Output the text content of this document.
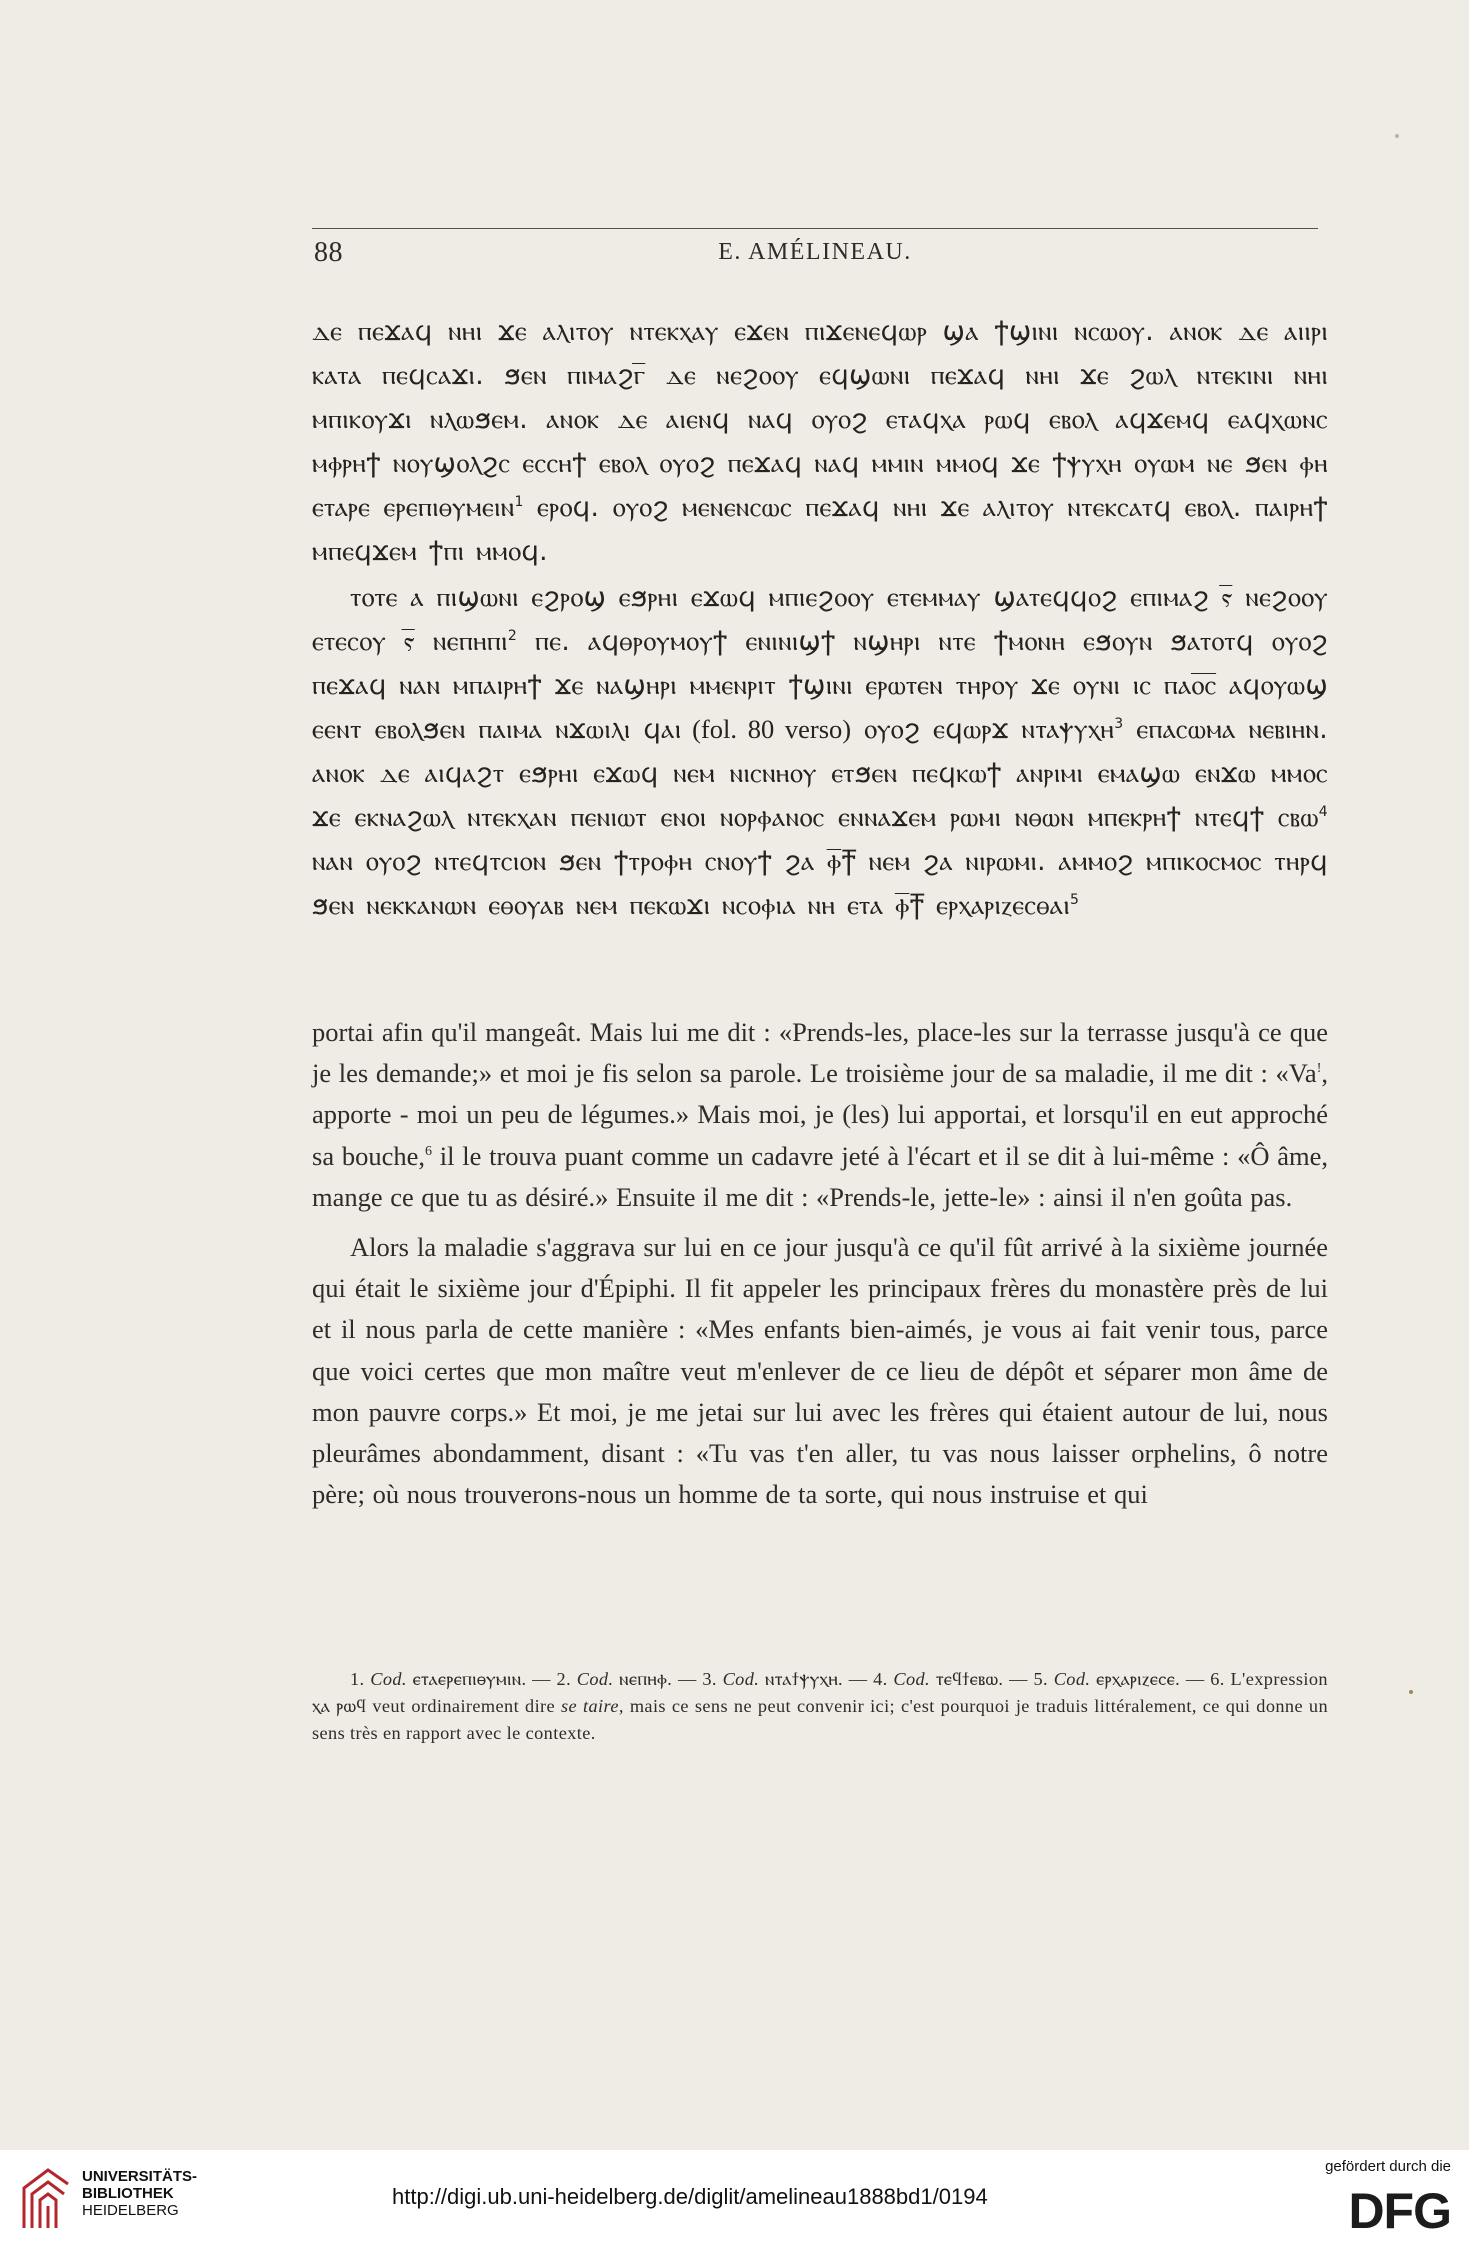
88	E. AMÉLINEAU.

ⲇⲉ ⲡⲉϫⲁϥ ⲛⲏⲓ ϫⲉ ⲁⲗⲓⲧⲟⲩ ⲛⲧⲉⲕⲭⲁⲩ ⲉϫⲉⲛ ⲡⲓϫⲉⲛⲉϥⲱⲣ ϣⲁ ϯϣⲓⲛⲓ ⲛⲥⲱⲟⲩ. ⲁⲛⲟⲕ ⲇⲉ ⲁⲓⲓⲣⲓ ⲕⲁⲧⲁ ⲡⲉϥⲥⲁϫⲓ. ϧⲉⲛ ⲡⲓⲙⲁϩⲅ̅ ⲇⲉ ⲛⲉϩⲟⲟⲩ ⲉϥϣⲱⲛⲓ ⲡⲉϫⲁϥ ⲛⲏⲓ ϫⲉ ϩⲱⲗ ⲛⲧⲉⲕⲓⲛⲓ ⲛⲏⲓ ⲙⲡⲓⲕⲟⲩϫⲓ ⲛⲗⲱϧⲉⲙ. ⲁⲛⲟⲕ ⲇⲉ ⲁⲓⲉⲛϥ ⲛⲁϥ ⲟⲩⲟϩ ⲉⲧⲁϥⲭⲁ ⲣⲱϥ ⲉⲃⲟⲗ ⲁϥϫⲉⲙϥ ⲉⲁϥⲭⲱⲛⲥ ⲙⲫⲣⲏϯ ⲛⲟⲩϣⲟⲗϩⲥ ⲉⲥⲥⲏϯ ⲉⲃⲟⲗ ⲟⲩⲟϩ ⲡⲉϫⲁϥ ⲛⲁϥ ⲙⲙⲓⲛ ⲙⲙⲟϥ ϫⲉ ϯⲯⲩⲭⲏ ⲟⲩⲱⲙ ⲛⲉ ϧⲉⲛ ⲫⲏ ⲉⲧⲁⲣⲉ ⲉⲣⲉⲡⲓⲑⲩⲙⲉⲓⲛ$^1$ ⲉⲣⲟϥ. ⲟⲩⲟϩ ⲙⲉⲛⲉⲛⲥⲱⲥ ⲡⲉϫⲁϥ ⲛⲏⲓ ϫⲉ ⲁⲗⲓⲧⲟⲩ ⲛⲧⲉⲕⲥⲁⲧϥ ⲉⲃⲟⲗ. ⲡⲁⲓⲣⲏϯ ⲙⲡⲉϥϫⲉⲙ ϯⲡⲓ ⲙⲙⲟϥ.

ⲧⲟⲧⲉ ⲁ ⲡⲓϣⲱⲛⲓ ⲉϩⲣⲟϣ ⲉϧⲣⲏⲓ ⲉϫⲱϥ ⲙⲡⲓⲉϩⲟⲟⲩ ⲉⲧⲉⲙⲙⲁⲩ ϣⲁⲧⲉϥϥⲟϩ ⲉⲡⲓⲙⲁϩ ⲋ̅ ⲛⲉϩⲟⲟⲩ ⲉⲧⲉⲥⲟⲩ ⲋ̅ ⲛⲉⲡⲏⲡⲓ$^2$ ⲡⲉ. ⲁϥⲑⲣⲟⲩⲙⲟⲩϯ ⲉⲛⲓⲛⲓϣϯ ⲛϣⲏⲣⲓ ⲛⲧⲉ ϯⲙⲟⲛⲏ ⲉϧⲟⲩⲛ ϧⲁⲧⲟⲧϥ ⲟⲩⲟϩ ⲡⲉϫⲁϥ ⲛⲁⲛ ⲙⲡⲁⲓⲣⲏϯ ϫⲉ ⲛⲁϣⲏⲣⲓ ⲙⲙⲉⲛⲣⲓⲧ ϯϣⲓⲛⲓ ⲉⲣⲱⲧⲉⲛ ⲧⲏⲣⲟⲩ ϫⲉ ⲟⲩⲛⲓ ⲓⲥ ⲡⲁⲟ̅ⲥ̅ ⲁϥⲟⲩⲱϣ ⲉⲉⲛⲧ ⲉⲃⲟⲗϧⲉⲛ ⲡⲁⲓⲙⲁ ⲛϫⲱⲓⲗⲓ ϥⲁⲓ (fol. 80 verso) ⲟⲩⲟϩ ⲉϥⲱⲣϫ ⲛⲧⲁⲯⲩⲭⲏ$^3$ ⲉⲡⲁⲥⲱⲙⲁ ⲛⲉⲃⲓⲏⲛ. ⲁⲛⲟⲕ ⲇⲉ ⲁⲓϥⲁϩⲧ ⲉϧⲣⲏⲓ ⲉϫⲱϥ ⲛⲉⲙ ⲛⲓⲥⲛⲏⲟⲩ ⲉⲧϧⲉⲛ ⲡⲉϥⲕⲱϯ ⲁⲛⲣⲓⲙⲓ ⲉⲙⲁϣⲱ ⲉⲛϫⲱ ⲙⲙⲟⲥ ϫⲉ ⲉⲕⲛⲁϩⲱⲗ ⲛⲧⲉⲕⲭⲁⲛ ⲡⲉⲛⲓⲱⲧ ⲉⲛⲟⲓ ⲛⲟⲣⲫⲁⲛⲟⲥ ⲉⲛⲛⲁϫⲉⲙ ⲣⲱⲙⲓ ⲛⲑⲱⲛ ⲙⲡⲉⲕⲣⲏϯ ⲛⲧⲉϥϯ ⲥⲃⲱ$^4$ ⲛⲁⲛ ⲟⲩⲟϩ ⲛⲧⲉϥⲧⲥⲓⲟⲛ ϧⲉⲛ ϯⲧⲣⲟⲫⲏ ⲥⲛⲟⲩϯ ϩⲁ ⲫ̅ϯ̅ ⲛⲉⲙ ϩⲁ ⲛⲓⲣⲱⲙⲓ. ⲁⲙⲙⲟϩ ⲙⲡⲓⲕⲟⲥⲙⲟⲥ ⲧⲏⲣϥ ϧⲉⲛ ⲛⲉⲕⲕⲁⲛⲱⲛ ⲉⲑⲟⲩⲁⲃ ⲛⲉⲙ ⲡⲉⲕⲱϫⲓ ⲛⲥⲟⲫⲓⲁ ⲛⲏ ⲉⲧⲁ ⲫ̅ϯ̅ ⲉⲣⲭⲁⲣⲓⲍⲉⲥⲑⲁⲓ$^5$

portai afin qu'il mangeât. Mais lui me dit : «Prends-les, place-les sur la terrasse jusqu'à ce que je les demande;» et moi je fis selon sa parole. Le troisième jour de sa maladie, il me dit : «Va!, apporte - moi un peu de légumes.» Mais moi, je (les) lui apportai, et lorsqu'il en eut approché sa bouche,$^6$ il le trouva puant comme un cadavre jeté à l'écart et il se dit à lui-même : «Ô âme, mange ce que tu as désiré.» Ensuite il me dit : «Prends-le, jette-le» : ainsi il n'en goûta pas.

Alors la maladie s'aggrava sur lui en ce jour jusqu'à ce qu'il fût arrivé à la sixième journée qui était le sixième jour d'Épiphi. Il fit appeler les principaux frères du monastère près de lui et il nous parla de cette manière : «Mes enfants bien-aimés, je vous ai fait venir tous, parce que voici certes que mon maître veut m'enlever de ce lieu de dépôt et séparer mon âme de mon pauvre corps.» Et moi, je me jetai sur lui avec les frères qui étaient autour de lui, nous pleurâmes abondamment, disant : «Tu vas t'en aller, tu vas nous laisser orphelins, ô notre père; où nous trouverons-nous un homme de ta sorte, qui nous instruise et qui

1. Cod. ⲉⲧⲁⲉⲣⲉⲡⲓⲑⲩⲙⲓⲛ. — 2. Cod. ⲛⲉⲡⲏⲫ. — 3. Cod. ⲛⲧⲁϯⲯⲩⲭⲏ. — 4. Cod. ⲧⲉϥϯⲉⲃⲱ. — 5. Cod. ⲉⲣⲭⲁⲣⲓⲍⲉⲥⲉ. — 6. L'expression ⲭⲁ ⲣⲱϥ veut ordinairement dire se taire, mais ce sens ne peut convenir ici; c'est pourquoi je traduis littéralement, ce qui donne un sens très en rapport avec le contexte.

UNIVERSITÄTS-
BIBLIOTHEK
HEIDELBERG
http://digi.ub.uni-heidelberg.de/diglit/amelineau1888bd1/0194
gefördert durch die
DFG
